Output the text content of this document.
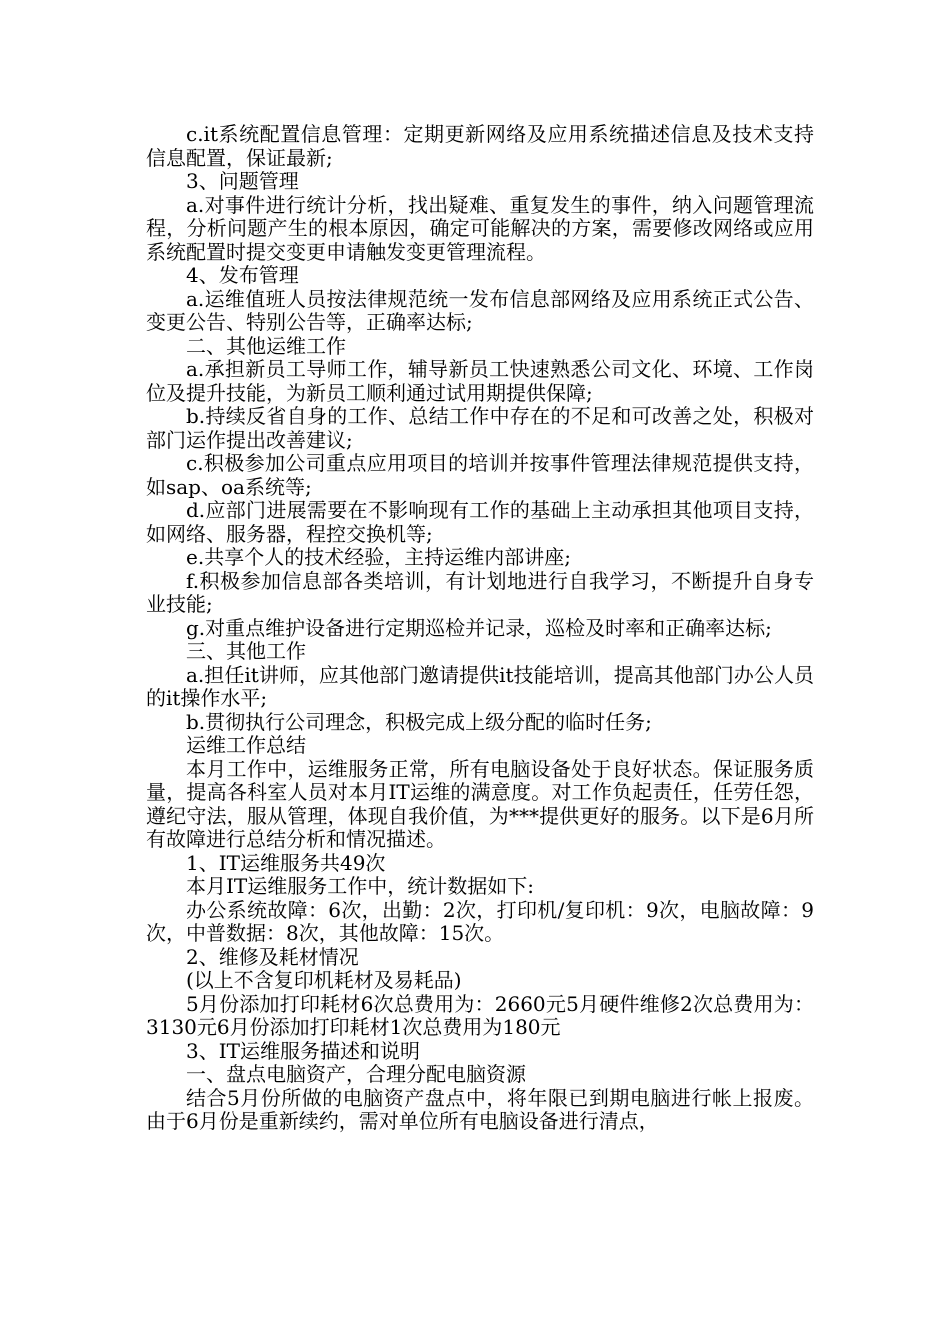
c.it系统配置信息管理：定期更新网络及应用系统描述信息及技术支持信息配置，保证最新;

3、问题管理

a.对事件进行统计分析，找出疑难、重复发生的事件，纳入问题管理流程，分析问题产生的根本原因，确定可能解决的方案，需要修改网络或应用系统配置时提交变更申请触发变更管理流程。

4、发布管理

a.运维值班人员按法律规范统一发布信息部网络及应用系统正式公告、变更公告、特别公告等，正确率达标;

二、其他运维工作

a.承担新员工导师工作，辅导新员工快速熟悉公司文化、环境、工作岗位及提升技能，为新员工顺利通过试用期提供保障;

b.持续反省自身的工作、总结工作中存在的不足和可改善之处，积极对部门运作提出改善建议;

c.积极参加公司重点应用项目的培训并按事件管理法律规范提供支持，如sap、oa系统等;

d.应部门进展需要在不影响现有工作的基础上主动承担其他项目支持，如网络、服务器，程控交换机等;

e.共享个人的技术经验，主持运维内部讲座;

f.积极参加信息部各类培训，有计划地进行自我学习，不断提升自身专业技能;

g.对重点维护设备进行定期巡检并记录，巡检及时率和正确率达标;

三、其他工作

a.担任it讲师，应其他部门邀请提供it技能培训，提高其他部门办公人员的it操作水平;

b.贯彻执行公司理念，积极完成上级分配的临时任务;

运维工作总结

本月工作中，运维服务正常，所有电脑设备处于良好状态。保证服务质量，提高各科室人员对本月IT运维的满意度。对工作负起责任，任劳任怨，遵纪守法，服从管理，体现自我价值，为***提供更好的服务。以下是6月所有故障进行总结分析和情况描述。

1、IT运维服务共49次

本月IT运维服务工作中，统计数据如下:

办公系统故障：6次，出勤：2次，打印机/复印机：9次，电脑故障：9次，中普数据：8次，其他故障：15次。

2、维修及耗材情况

(以上不含复印机耗材及易耗品)

5月份添加打印耗材6次总费用为：2660元5月硬件维修2次总费用为：3130元6月份添加打印耗材1次总费用为180元

3、IT运维服务描述和说明

一、盘点电脑资产，合理分配电脑资源

结合5月份所做的电脑资产盘点中，将年限已到期电脑进行帐上报废。由于6月份是重新续约，需对单位所有电脑设备进行清点，
